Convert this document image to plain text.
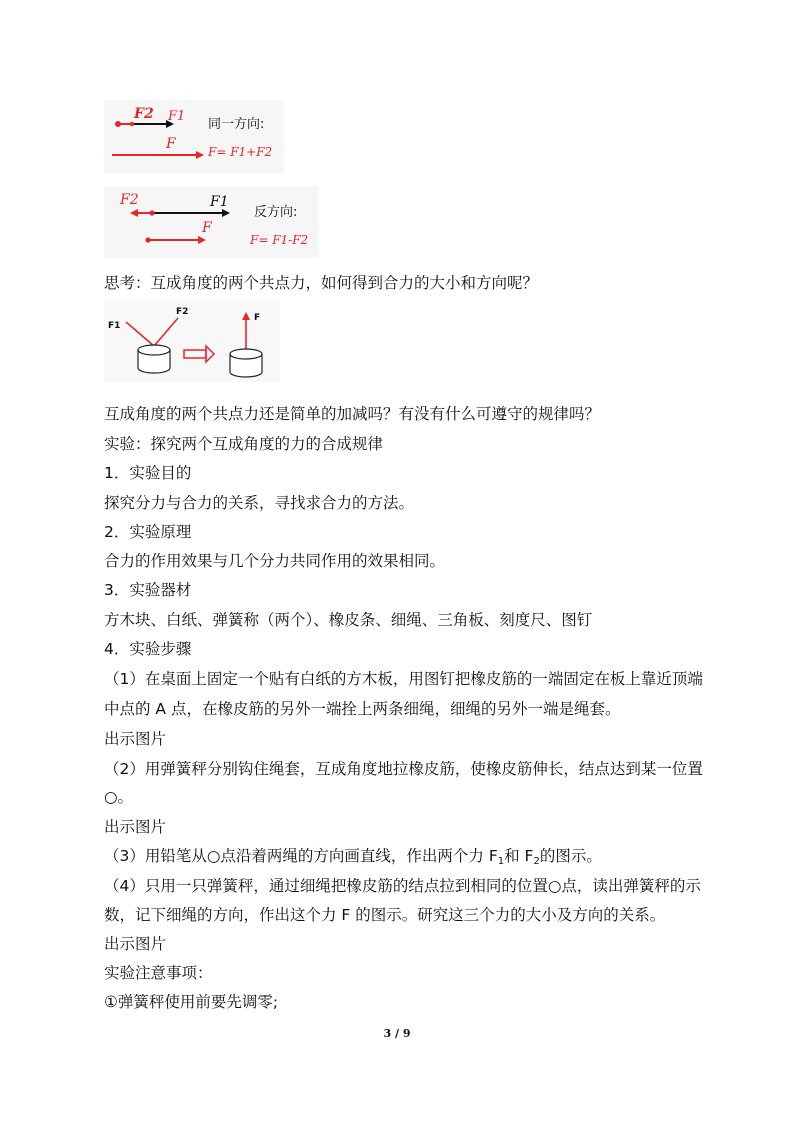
F2 F1
F
同一方向:
F= F1+F2
F2	F1
F
反方向:
F= F1-F2
思考：互成角度的两个共点力，如何得到合力的大小和方向呢？
F1
F2
F
互成角度的两个共点力还是简单的加减吗？有没有什么可遵守的规律吗？
实验：探究两个互成角度的力的合成规律
1．实验目的
探究分力与合力的关系，寻找求合力的方法。
2．实验原理
合力的作用效果与几个分力共同作用的效果相同。
3．实验器材
方木块、白纸、弹簧称（两个）、橡皮条、细绳、三角板、刻度尺、图钉
4．实验步骤
（1）在桌面上固定一个贴有白纸的方木板，用图钉把橡皮筋的一端固定在板上靠近顶端
中点的 A 点，在橡皮筋的另外一端拴上两条细绳，细绳的另外一端是绳套。
出示图片
（2）用弹簧秤分别钩住绳套，互成角度地拉橡皮筋，使橡皮筋伸长，结点达到某一位置
○。
出示图片
（3）用铅笔从○点沿着两绳的方向画直线，作出两个力 $F_1$和 $F_2$的图示。
（4）只用一只弹簧秤，通过细绳把橡皮筋的结点拉到相同的位置○点，读出弹簧秤的示
数，记下细绳的方向，作出这个力 F 的图示。研究这三个力的大小及方向的关系。
出示图片
实验注意事项：
①弹簧秤使用前要先调零;
3 / 9
